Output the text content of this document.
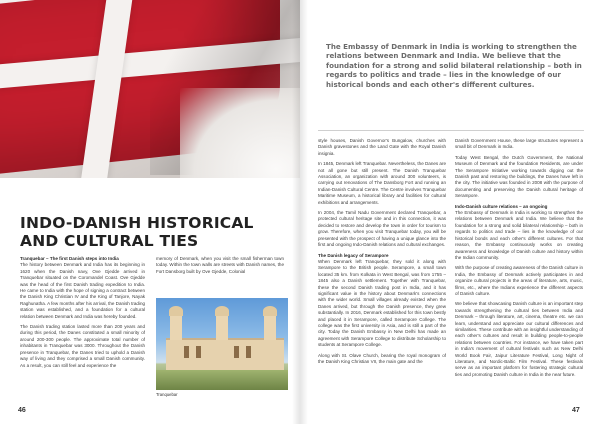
INDO-DANISH HISTORICAL
AND CULTURAL TIES

Tranquebar – The first Danish steps into India
The history between Denmark and India has its beginning in 1620 when the Danish navy, Ove Gjedde arrived in Tranquebar situated on the Coromandel Coast. Ove Gjedde was the head of the first Danish trading expedition to India. He came to India with the hope of signing a contract between the Danish King Christian IV and the King of Tanjore, Nayak Raghunatha. A few months after his arrival, the Danish trading station was established, and a foundation for a cultural relation between Denmark and India was hereby founded.

The Danish trading station lasted more than 200 years and during this period, the Danes constituted a small minority of around 200-300 people. The approximate total number of inhabitants in Tranquebar was 3000. Throughout the Danish presence in Tranquebar, the Danes tried to uphold a Danish way of living and they comprised a small Danish community. As a result, you can still feel and experience the

memory of Denmark, when you visit the small fisherman town today. Within the town walls are streets with Danish names, the Fort Dansborg built by Ove Gjedde, Colonial

Tranquebar
46
The Embassy of Denmark in India is working to strengthen the relations between Denmark and India. We believe that the foundation for a strong and solid bilateral relationship – both in regards to politics and trade – lies in the knowledge of our historical bonds and each other's different cultures.

style houses, Danish Governor's Bungalow, churches with Danish gravestones and the Land Gate with the Royal Danish insignia.

In 1845, Denmark left Tranquebar. Nevertheless, the Danes are not all gone but still present. The Danish Tranquebar Association, an organization with around 300 volunteers, is carrying out renovations of The Dansborg Fort and running an Indian-Danish Cultural Centre. The Centre involves Tranquebar Maritime Museum, a historical library and facilities for cultural exhibitions and arrangements.

In 2004, the Tamil Nadu Government declared Tranquebar, a protected cultural heritage site and in this connection, it was decided to restore and develop the town in order for tourism to grow. Therefore, when you visit Tranquebar today, you will be presented with the prospect of having a unique glance into the first and ongoing Indo-Danish relations and cultural exchanges.

The Danish legacy of Serampore
When Denmark left Tranquebar, they sold it along with Serampore to the British people. Serampore, a small town located 35 km. from Kolkata in West Bengal, was from 1755 – 1845 also a Danish settlement. Together with Tranquebar, these the second Danish trading post in India, and it has significant value in the history about Denmark's connections with the wider world. Small villages already existed when the Danes arrived, but through the Danish presence, they grew substantially. In 2016, Denmark established for this town bestly and placed it in Serampore, called Serampore College. The college was the first university in Asia, and is still a part of the city. Today the Danish Embassy in New Delhi has made an agreement with Serampore College to distribute Scholarship to students at Serampore College.

Along with St. Olave Church, bearing the royal monogram of the Danish King Christian VII, the main gate and the

Danish Government House, these large structures represent a small bit of Denmark in India.

Today West Bengal, the Dutch Government, the National Museum of Denmark and the foundation Residents, are under The Serampore Initiative working towards digging out the Danish past and restoring the buildings, the Danes have left in the city. The initiative was founded in 2008 with the purpose of documenting and preserving the Danish cultural heritage of Serampore.

Indo-Danish culture relations – an ongoing
The Embassy of Denmark in India is working to strengthen the relations between Denmark and India. We believe that the foundation for a strong and solid bilateral relationship – both in regards to politics and trade – lies in the knowledge of our historical bonds and each other's different cultures. For that reason, the Embassy continuously works on creating awareness and knowledge of Danish culture and history within the Indian community.

With the purpose of creating awareness of the Danish culture in India, the Embassy of Denmark actively participates in and organize cultural projects in the areas of literature, arts, music, films, etc., where the Indians experience the different aspects of Danish culture.

We believe that showcasing Danish culture is an important step towards strengthening the cultural ties between India and Denmark – through literature, art, cinema, theatre etc. we can learn, understand and appreciate our cultural differences and similarities. These contribute with an insightful understanding of each other's cultures and result in building people-to-people relations between countries. For instance, we have taken part in India's movement of cultural festivals such as New Delhi World Book Fair, Jaipur Literature Festival, Long Night of Literature, and Nordic-Baltic Film Festival. These festivals serve as an important platform for fostering strategic cultural ties and promoting Danish culture in India in the near future.

47
